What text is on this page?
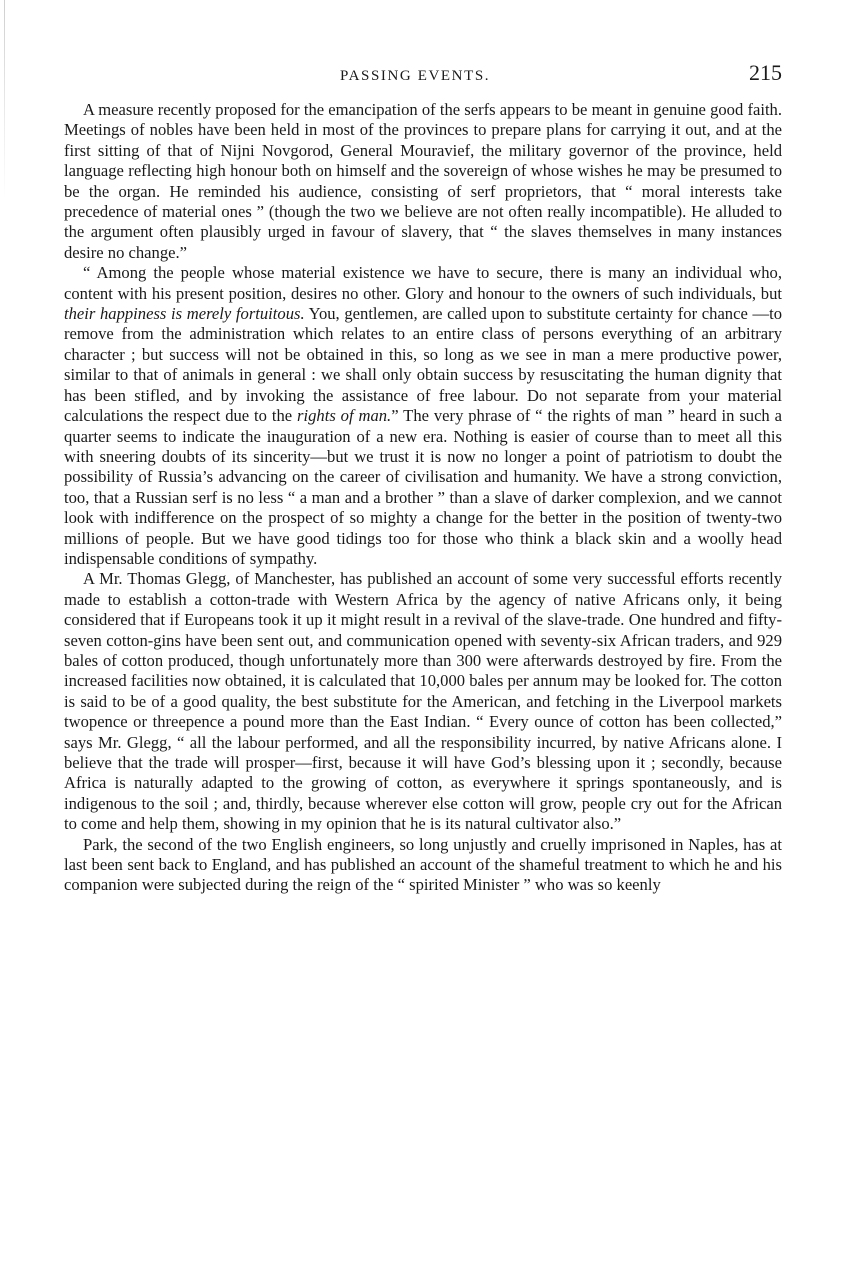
PASSING EVENTS.	215

A measure recently proposed for the emancipation of the serfs appears to be meant in genuine good faith. Meetings of nobles have been held in most of the provinces to prepare plans for carrying it out, and at the first sitting of that of Nijni Novgorod, General Mouravief, the military governor of the province, held language reflecting high honour both on himself and the sovereign of whose wishes he may be presumed to be the organ. He reminded his audience, consisting of serf proprietors, that “ moral interests take precedence of material ones ” (though the two we believe are not often really incompatible). He alluded to the argument often plausibly urged in favour of slavery, that “ the slaves themselves in many instances desire no change.”

“ Among the people whose material existence we have to secure, there is many an individual who, content with his present position, desires no other. Glory and honour to the owners of such individuals, but their happiness is merely fortuitous. You, gentlemen, are called upon to substitute certainty for chance —to remove from the administration which relates to an entire class of persons everything of an arbitrary character ; but success will not be obtained in this, so long as we see in man a mere productive power, similar to that of animals in general : we shall only obtain success by resuscitating the human dignity that has been stifled, and by invoking the assistance of free labour. Do not separate from your material calculations the respect due to the rights of man.” The very phrase of “ the rights of man ” heard in such a quarter seems to indicate the inauguration of a new era. Nothing is easier of course than to meet all this with sneering doubts of its sincerity—but we trust it is now no longer a point of patriotism to doubt the possibility of Russia’s advancing on the career of civilisation and humanity. We have a strong conviction, too, that a Russian serf is no less “ a man and a brother ” than a slave of darker complexion, and we cannot look with indifference on the prospect of so mighty a change for the better in the position of twenty-two millions of people. But we have good tidings too for those who think a black skin and a woolly head indispensable conditions of sympathy.

A Mr. Thomas Glegg, of Manchester, has published an account of some very successful efforts recently made to establish a cotton-trade with Western Africa by the agency of native Africans only, it being considered that if Europeans took it up it might result in a revival of the slave-trade. One hundred and fifty-seven cotton-gins have been sent out, and communication opened with seventy-six African traders, and 929 bales of cotton produced, though unfortunately more than 300 were afterwards destroyed by fire. From the increased facilities now obtained, it is calculated that 10,000 bales per annum may be looked for. The cotton is said to be of a good quality, the best substitute for the American, and fetching in the Liverpool markets twopence or threepence a pound more than the East Indian. “ Every ounce of cotton has been collected,” says Mr. Glegg, “ all the labour performed, and all the responsibility incurred, by native Africans alone. I believe that the trade will prosper—first, because it will have God’s blessing upon it ; secondly, because Africa is naturally adapted to the growing of cotton, as everywhere it springs spontaneously, and is indigenous to the soil ; and, thirdly, because wherever else cotton will grow, people cry out for the African to come and help them, showing in my opinion that he is its natural cultivator also.”

Park, the second of the two English engineers, so long unjustly and cruelly imprisoned in Naples, has at last been sent back to England, and has published an account of the shameful treatment to which he and his companion were subjected during the reign of the “ spirited Minister ” who was so keenly
